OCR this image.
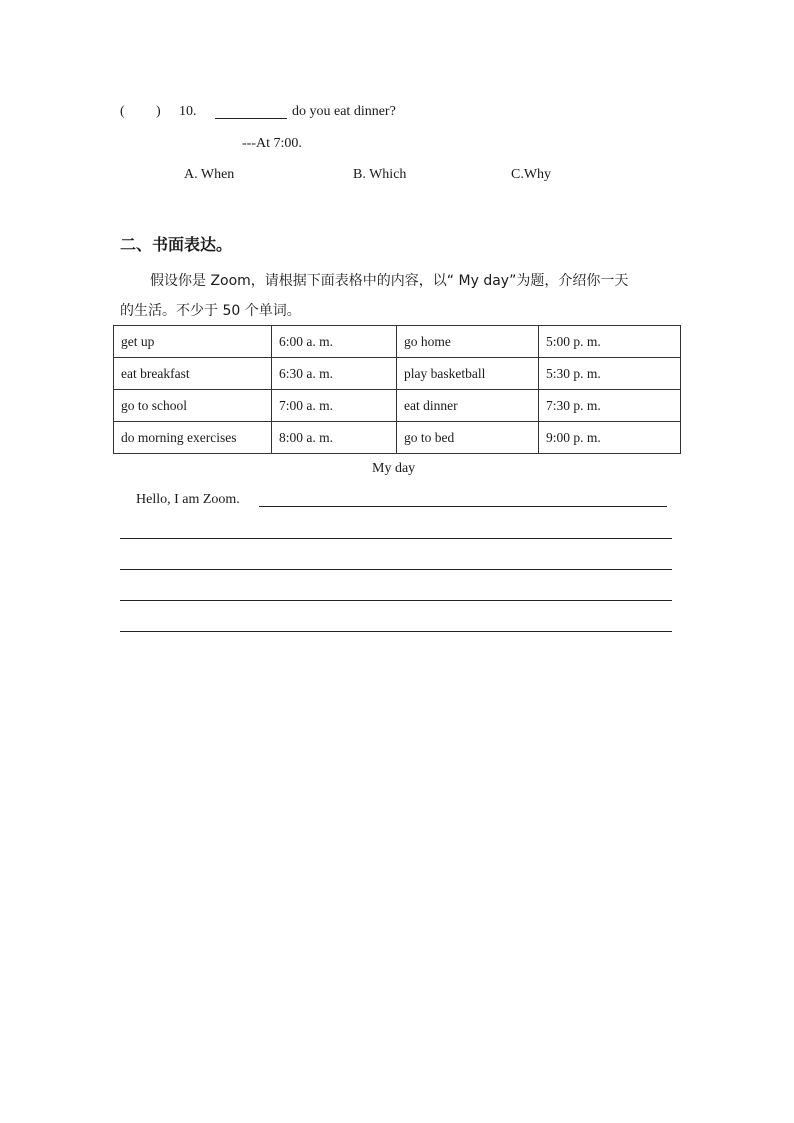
( ) 10.	do you eat dinner?
---At 7:00.
A. When	B. Which	C.Why
二、书面表达。
假设你是 Zoom，请根据下面表格中的内容，以“ My day”为题，介绍你一天
的生活。不少于 50 个单词。
get up	6:00 a. m.	go home	5:00 p. m.
eat breakfast	6:30 a. m.	play basketball	5:30 p. m.
go to school	7:00 a. m.	eat dinner	7:30 p. m.
do morning exercises	8:00 a. m.	go to bed	9:00 p. m.
My day
Hello, I am Zoom.
